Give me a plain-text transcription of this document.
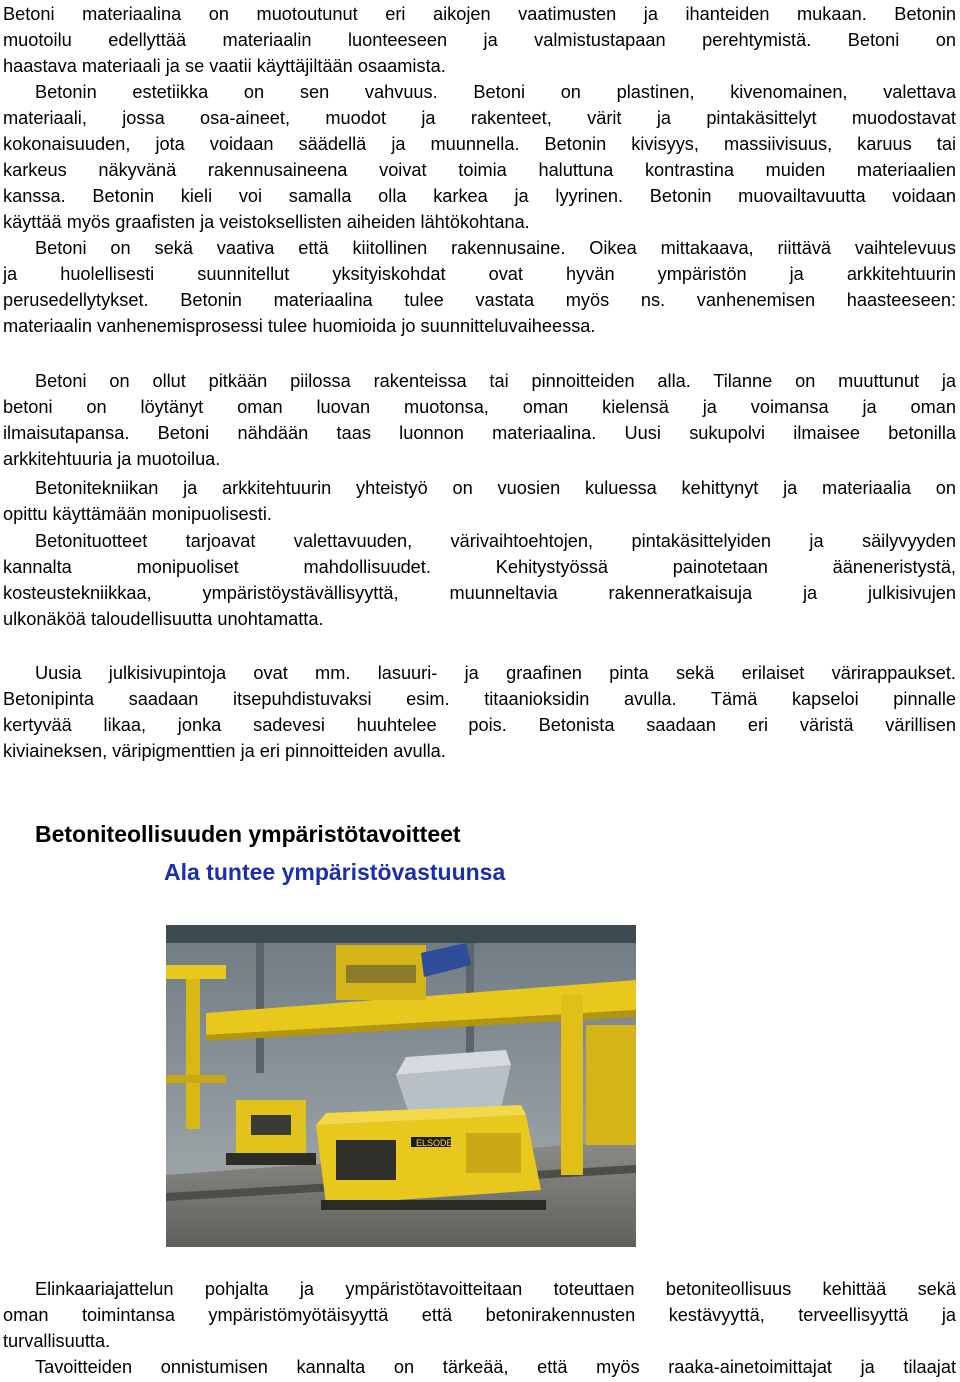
Betoni materiaalina on muotoutunut eri aikojen vaatimusten ja ihanteiden mukaan. Betonin
muotoilu edellyttää materiaalin luonteeseen ja valmistustapaan perehtymistä. Betoni on
haastava materiaali ja se vaatii käyttäjiltään osaamista.
Betonin estetiikka on sen vahvuus. Betoni on plastinen, kivenomainen, valettava
materiaali, jossa osa-aineet, muodot ja rakenteet, värit ja pintakäsittelyt muodostavat
kokonaisuuden, jota voidaan säädellä ja muunnella. Betonin kivisyys, massiivisuus, karuus tai
karkeus näkyvänä rakennusaineena voivat toimia haluttuna kontrastina muiden materiaalien
kanssa. Betonin kieli voi samalla olla karkea ja lyyrinen. Betonin muovailtavuutta voidaan
käyttää myös graafisten ja veistoksellisten aiheiden lähtökohtana.
Betoni on sekä vaativa että kiitollinen rakennusaine. Oikea mittakaava, riittävä vaihtelevuus
ja huolellisesti suunnitellut yksityiskohdat ovat hyvän ympäristön ja arkkitehtuurin
perusedellytykset. Betonin materiaalina tulee vastata myös ns. vanhenemisen haasteeseen:
materiaalin vanhenemisprosessi tulee huomioida jo suunnitteluvaiheessa.
Betoni on ollut pitkään piilossa rakenteissa tai pinnoitteiden alla. Tilanne on muuttunut ja
betoni on löytänyt oman luovan muotonsa, oman kielensä ja voimansa ja oman
ilmaisutapansa. Betoni nähdään taas luonnon materiaalina. Uusi sukupolvi ilmaisee betonilla
arkkitehtuuria ja muotoilua.
Betonitekniikan ja arkkitehtuurin yhteistyö on vuosien kuluessa kehittynyt ja materiaalia on
opittu käyttämään monipuolisesti.
Betonituotteet tarjoavat valettavuuden, värivaihtoehtojen, pintakäsittelyiden ja säilyvyyden
kannalta monipuoliset mahdollisuudet. Kehitystyössä painotetaan ääneneristystä,
kosteustekniikkaa, ympäristöystävällisyyttä, muunneltavia rakenneratkaisuja ja julkisivujen
ulkonäköä taloudellisuutta unohtamatta.
Uusia julkisivupintoja ovat mm. lasuuri- ja graafinen pinta sekä erilaiset värirappaukset.
Betonipinta saadaan itsepuhdistuvaksi esim. titaanioksidin avulla. Tämä kapseloi pinnalle
kertyvää likaa, jonka sadevesi huuhtelee pois. Betonista saadaan eri väristä värillisen
kiviaineksen, väripigmenttien ja eri pinnoitteiden avulla.
Betoniteollisuuden ympäristötavoitteet
Ala tuntee ympäristövastuunsa
ELSODE
Elinkaariajattelun pohjalta ja ympäristötavoitteitaan toteuttaen betoniteollisuus kehittää sekä
oman toimintansa ympäristömyötäisyyttä että betonirakennusten kestävyyttä, terveellisyyttä ja
turvallisuutta.
Tavoitteiden onnistumisen kannalta on tärkeää, että myös raaka-ainetoimittajat ja tilaajat
